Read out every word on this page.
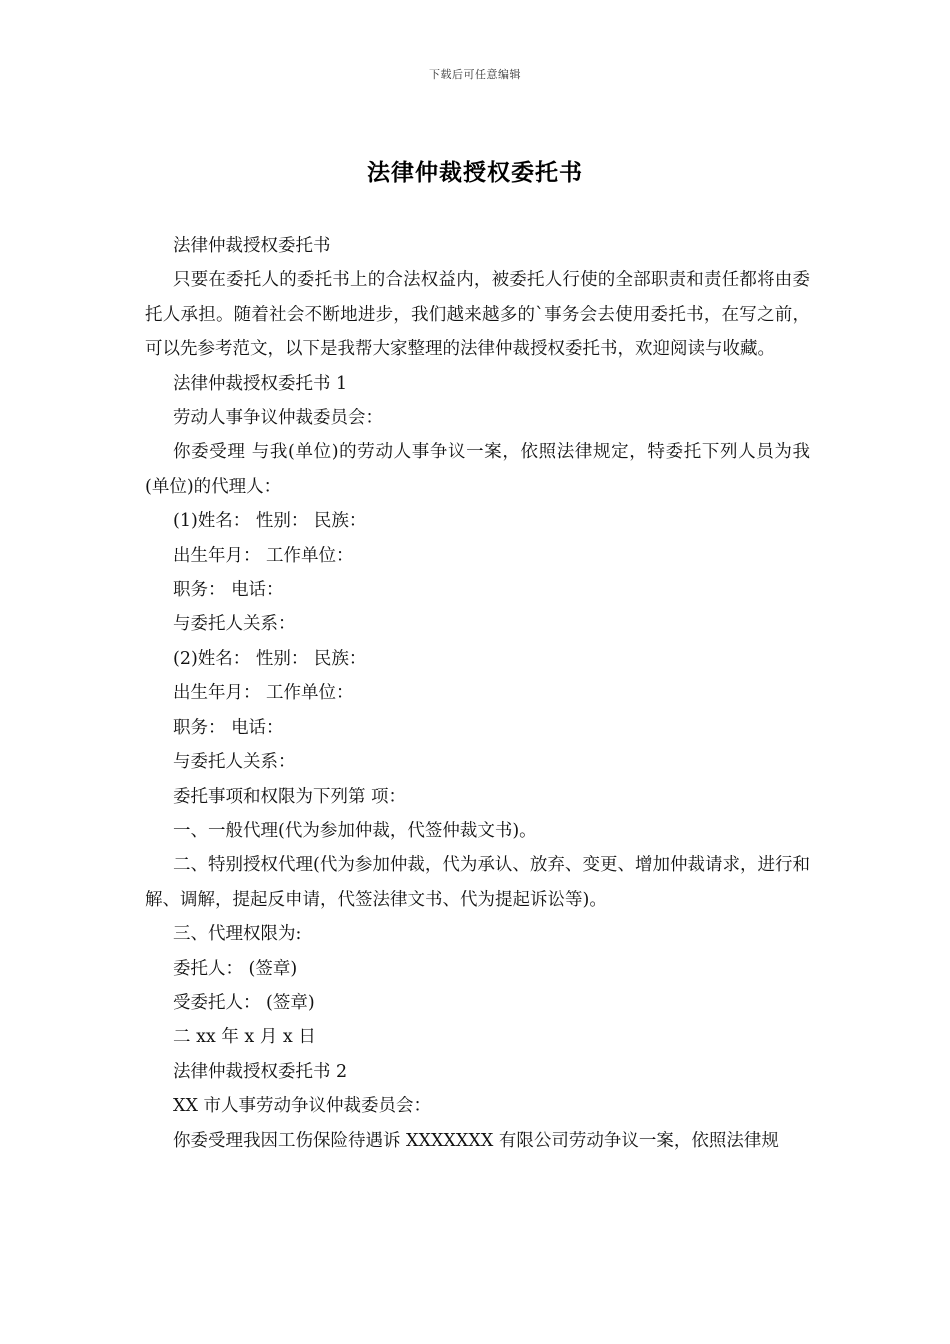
下载后可任意编辑
法律仲裁授权委托书

法律仲裁授权委托书

只要在委托人的委托书上的合法权益内，被委托人行使的全部职责和责任都将由委托人承担。随着社会不断地进步，我们越来越多的`事务会去使用委托书，在写之前，可以先参考范文，以下是我帮大家整理的法律仲裁授权委托书，欢迎阅读与收藏。

法律仲裁授权委托书 1

劳动人事争议仲裁委员会：

你委受理 与我(单位)的劳动人事争议一案，依照法律规定，特委托下列人员为我(单位)的代理人：

(1)姓名： 性别： 民族：

出生年月： 工作单位：

职务： 电话：

与委托人关系：

(2)姓名： 性别： 民族：

出生年月： 工作单位：

职务： 电话：

与委托人关系：

委托事项和权限为下列第 项：

一、一般代理(代为参加仲裁，代签仲裁文书)。

二、特别授权代理(代为参加仲裁，代为承认、放弃、变更、增加仲裁请求，进行和解、调解，提起反申请，代签法律文书、代为提起诉讼等)。

三、代理权限为:

委托人： (签章)

受委托人： (签章)

二 xx 年 x 月 x 日

法律仲裁授权委托书 2

XX 市人事劳动争议仲裁委员会：

你委受理我因工伤保险待遇诉 XXXXXXX 有限公司劳动争议一案，依照法律规
